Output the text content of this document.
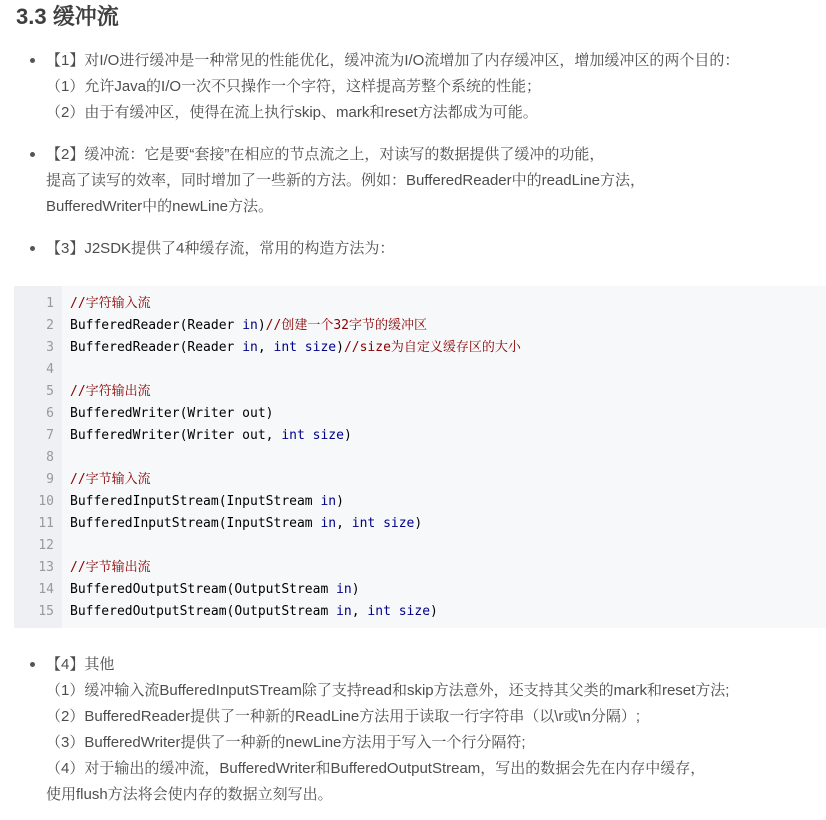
3.3 缓冲流
【1】对I/O进行缓冲是一种常见的性能优化，缓冲流为I/O流增加了内存缓冲区，增加缓冲区的两个目的：
（1）允许Java的I/O一次不只操作一个字符，这样提高芳整个系统的性能；
（2）由于有缓冲区，使得在流上执行skip、mark和reset方法都成为可能。
【2】缓冲流：它是要“套接”在相应的节点流之上，对读写的数据提供了缓冲的功能，
提高了读写的效率，同时增加了一些新的方法。例如：BufferedReader中的readLine方法，
BufferedWriter中的newLine方法。
【3】J2SDK提供了4种缓存流，常用的构造方法为：
1 //字符输入流
2 BufferedReader(Reader in)//创建一个32字节的缓冲区
3 BufferedReader(Reader in, int size)//size为自定义缓存区的大小
4
5 //字符输出流
6 BufferedWriter(Writer out)
7 BufferedWriter(Writer out, int size)
8
9 //字节输入流
10 BufferedInputStream(InputStream in)
11 BufferedInputStream(InputStream in, int size)
12
13 //字节输出流
14 BufferedOutputStream(OutputStream in)
15 BufferedOutputStream(OutputStream in, int size)
【4】其他
（1）缓冲输入流BufferedInputSTream除了支持read和skip方法意外，还支持其父类的mark和reset方法;
（2）BufferedReader提供了一种新的ReadLine方法用于读取一行字符串（以\r或\n分隔）;
（3）BufferedWriter提供了一种新的newLine方法用于写入一个行分隔符;
（4）对于输出的缓冲流，BufferedWriter和BufferedOutputStream，写出的数据会先在内存中缓存，
使用flush方法将会使内存的数据立刻写出。
